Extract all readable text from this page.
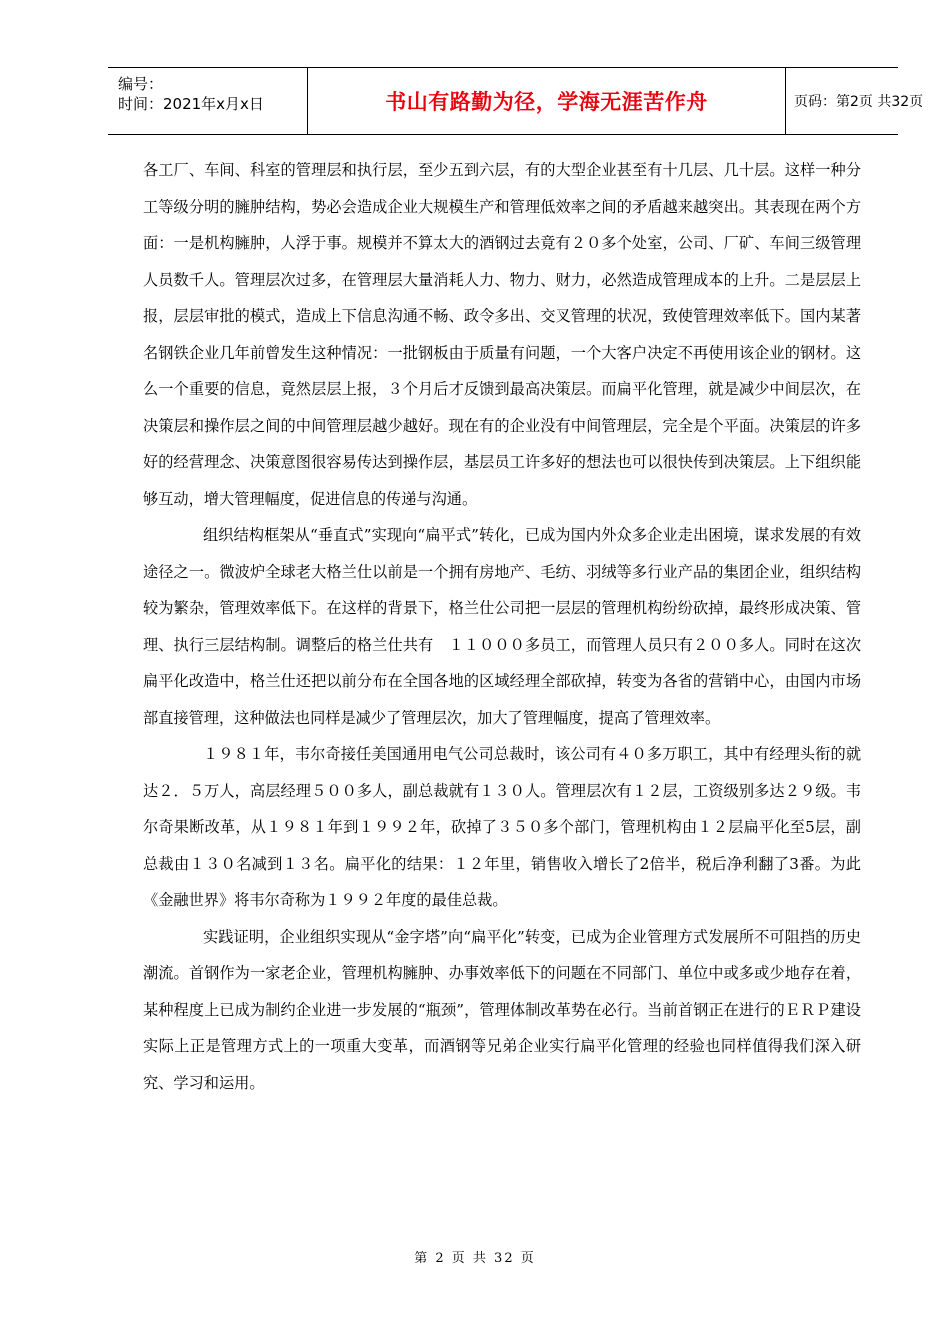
编号：
时间：2021年x月x日	书山有路勤为径，学海无涯苦作舟	页码：第2页 共32页

各工厂、车间、科室的管理层和执行层，至少五到六层，有的大型企业甚至有十几层、几十层。这样一种分工等级分明的臃肿结构，势必会造成企业大规模生产和管理低效率之间的矛盾越来越突出。其表现在两个方面：一是机构臃肿，人浮于事。规模并不算太大的酒钢过去竟有２０多个处室，公司、厂矿、车间三级管理人员数千人。管理层次过多，在管理层大量消耗人力、物力、财力，必然造成管理成本的上升。二是层层上报，层层审批的模式，造成上下信息沟通不畅、政令多出、交叉管理的状况，致使管理效率低下。国内某著名钢铁企业几年前曾发生这种情况：一批钢板由于质量有问题，一个大客户决定不再使用该企业的钢材。这么一个重要的信息，竟然层层上报，３个月后才反馈到最高决策层。而扁平化管理，就是减少中间层次，在决策层和操作层之间的中间管理层越少越好。现在有的企业没有中间管理层，完全是个平面。决策层的许多好的经营理念、决策意图很容易传达到操作层，基层员工许多好的想法也可以很快传到决策层。上下组织能够互动，增大管理幅度，促进信息的传递与沟通。

组织结构框架从“垂直式”实现向“扁平式”转化，已成为国内外众多企业走出困境，谋求发展的有效途径之一。微波炉全球老大格兰仕以前是一个拥有房地产、毛纺、羽绒等多行业产品的集团企业，组织结构较为繁杂，管理效率低下。在这样的背景下，格兰仕公司把一层层的管理机构纷纷砍掉，最终形成决策、管理、执行三层结构制。调整后的格兰仕共有　１１０００多员工，而管理人员只有２００多人。同时在这次扁平化改造中，格兰仕还把以前分布在全国各地的区域经理全部砍掉，转变为各省的营销中心，由国内市场部直接管理，这种做法也同样是减少了管理层次，加大了管理幅度，提高了管理效率。

１９８１年，韦尔奇接任美国通用电气公司总裁时，该公司有４０多万职工，其中有经理头衔的就达２．５万人，高层经理５００多人，副总裁就有１３０人。管理层次有１２层，工资级别多达２９级。韦尔奇果断改革，从１９８１年到１９９２年，砍掉了３５０多个部门，管理机构由１２层扁平化至5层，副总裁由１３０名减到１３名。扁平化的结果：１２年里，销售收入增长了2倍半，税后净利翻了3番。为此《金融世界》将韦尔奇称为１９９２年度的最佳总裁。

实践证明，企业组织实现从“金字塔”向“扁平化”转变，已成为企业管理方式发展所不可阻挡的历史潮流。首钢作为一家老企业，管理机构臃肿、办事效率低下的问题在不同部门、单位中或多或少地存在着，某种程度上已成为制约企业进一步发展的“瓶颈”，管理体制改革势在必行。当前首钢正在进行的ＥＲＰ建设实际上正是管理方式上的一项重大变革，而酒钢等兄弟企业实行扁平化管理的经验也同样值得我们深入研究、学习和运用。

第 2 页 共 32 页
